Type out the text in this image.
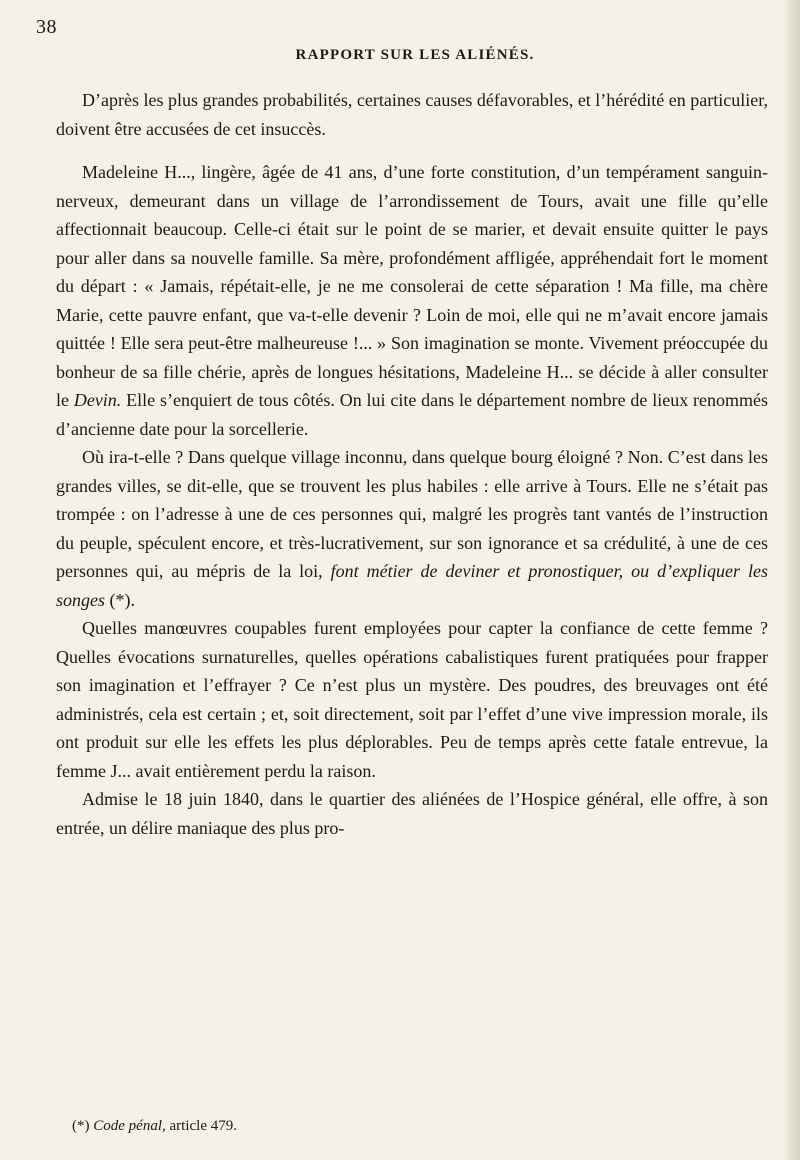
38
RAPPORT SUR LES ALIÉNÉS.

D’après les plus grandes probabilités, certaines causes défavorables, et l’hérédité en particulier, doivent être accusées de cet insuccès.

Madeleine H..., lingère, âgée de 41 ans, d’une forte constitution, d’un tempérament sanguin-nerveux, demeurant dans un village de l’arrondissement de Tours, avait une fille qu’elle affectionnait beaucoup. Celle-ci était sur le point de se marier, et devait ensuite quitter le pays pour aller dans sa nouvelle famille. Sa mère, profondément affligée, appréhendait fort le moment du départ : « Jamais, répétait-elle, je ne me consolerai de cette séparation ! Ma fille, ma chère Marie, cette pauvre enfant, que va-t-elle devenir ? Loin de moi, elle qui ne m’avait encore jamais quittée ! Elle sera peut-être malheureuse !... » Son imagination se monte. Vivement préoccupée du bonheur de sa fille chérie, après de longues hésitations, Madeleine H... se décide à aller consulter le Devin. Elle s’enquiert de tous côtés. On lui cite dans le département nombre de lieux renommés d’ancienne date pour la sorcellerie.

Où ira-t-elle ? Dans quelque village inconnu, dans quelque bourg éloigné ? Non. C’est dans les grandes villes, se dit-elle, que se trouvent les plus habiles : elle arrive à Tours. Elle ne s’était pas trompée : on l’adresse à une de ces personnes qui, malgré les progrès tant vantés de l’instruction du peuple, spéculent encore, et très-lucrativement, sur son ignorance et sa crédulité, à une de ces personnes qui, au mépris de la loi, font métier de deviner et pronostiquer, ou d’expliquer les songes (*).

Quelles manœuvres coupables furent employées pour capter la confiance de cette femme ? Quelles évocations surnaturelles, quelles opérations cabalistiques furent pratiquées pour frapper son imagination et l’effrayer ? Ce n’est plus un mystère. Des poudres, des breuvages ont été administrés, cela est certain ; et, soit directement, soit par l’effet d’une vive impression morale, ils ont produit sur elle les effets les plus déplorables. Peu de temps après cette fatale entrevue, la femme J... avait entièrement perdu la raison.

Admise le 18 juin 1840, dans le quartier des aliénées de l’Hospice général, elle offre, à son entrée, un délire maniaque des plus pro-

(*) Code pénal, article 479.
